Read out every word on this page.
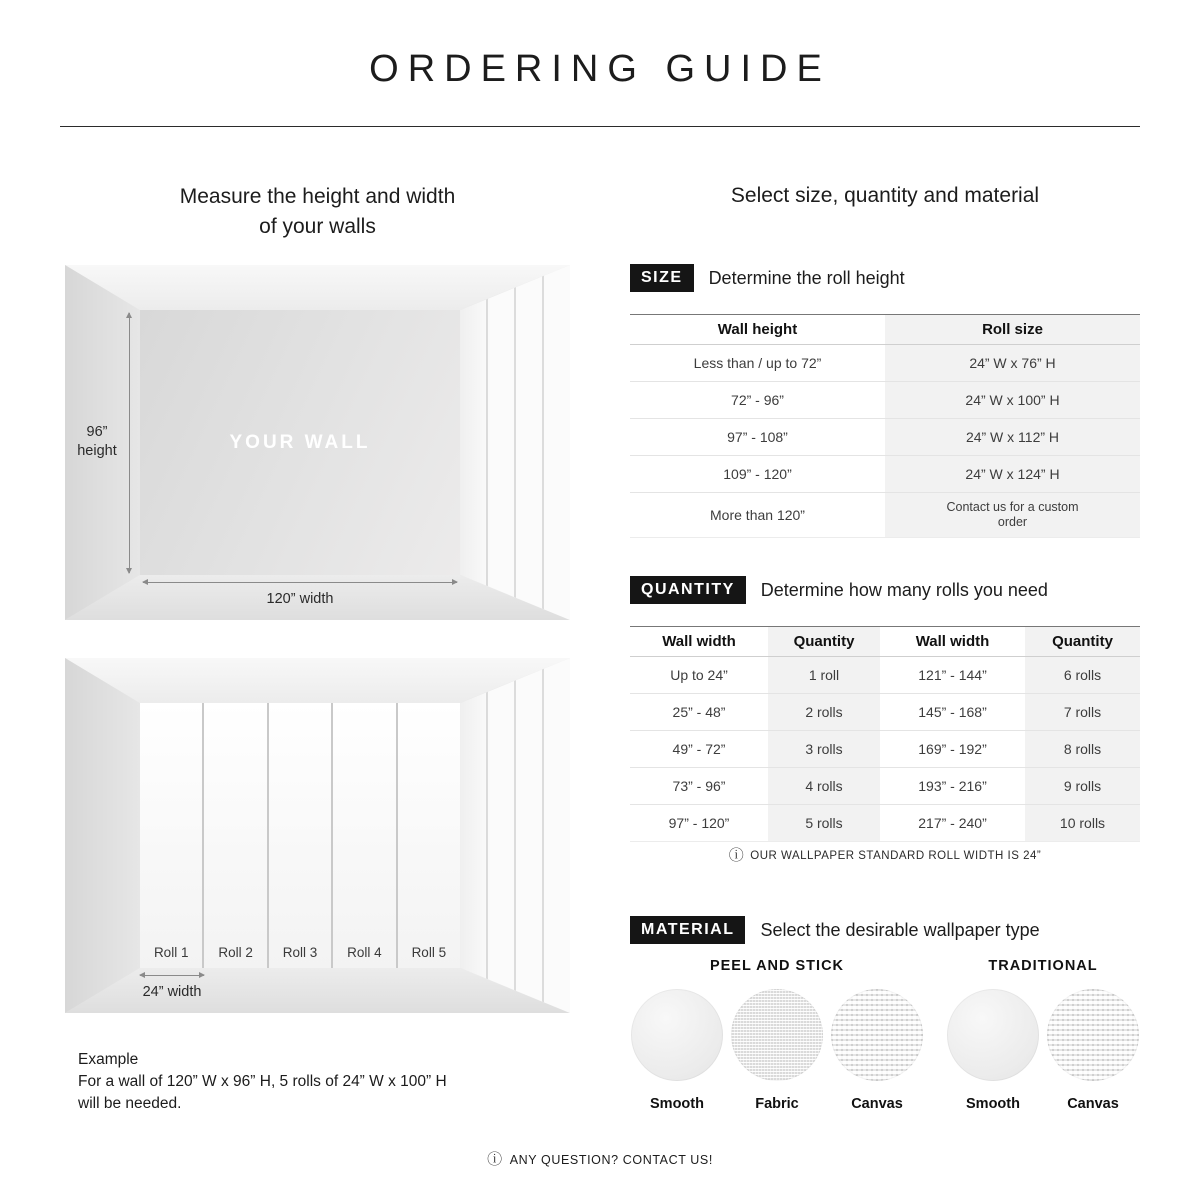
ORDERING GUIDE
Measure the height and width
of your walls
YOUR WALL
96”
height
120” width
Roll 1	Roll 2	Roll 3	Roll 4	Roll 5
24” width
Example
For a wall of 120” W x 96” H, 5 rolls of 24” W x 100” H
will be needed.
Select size, quantity and material
SIZE	Determine the roll height
Wall height	Roll size
Less than / up to 72”	24” W x 76” H
72” - 96”	24” W x 100” H
97” - 108”	24” W x 112” H
109” - 120”	24” W x 124” H
More than 120”	Contact us for a custom order
QUANTITY	Determine how many rolls you need
Wall width	Quantity	Wall width	Quantity
Up to 24”	1 roll	121” - 144”	6 rolls
25” - 48”	2 rolls	145” - 168”	7 rolls
49” - 72”	3 rolls	169” - 192”	8 rolls
73” - 96”	4 rolls	193” - 216”	9 rolls
97” - 120”	5 rolls	217” - 240”	10 rolls
ⓘ OUR WALLPAPER STANDARD ROLL WIDTH IS 24”
MATERIAL	Select the desirable wallpaper type
PEEL AND STICK
Smooth	Fabric	Canvas
TRADITIONAL
Smooth	Canvas
ⓘ ANY QUESTION? CONTACT US!
